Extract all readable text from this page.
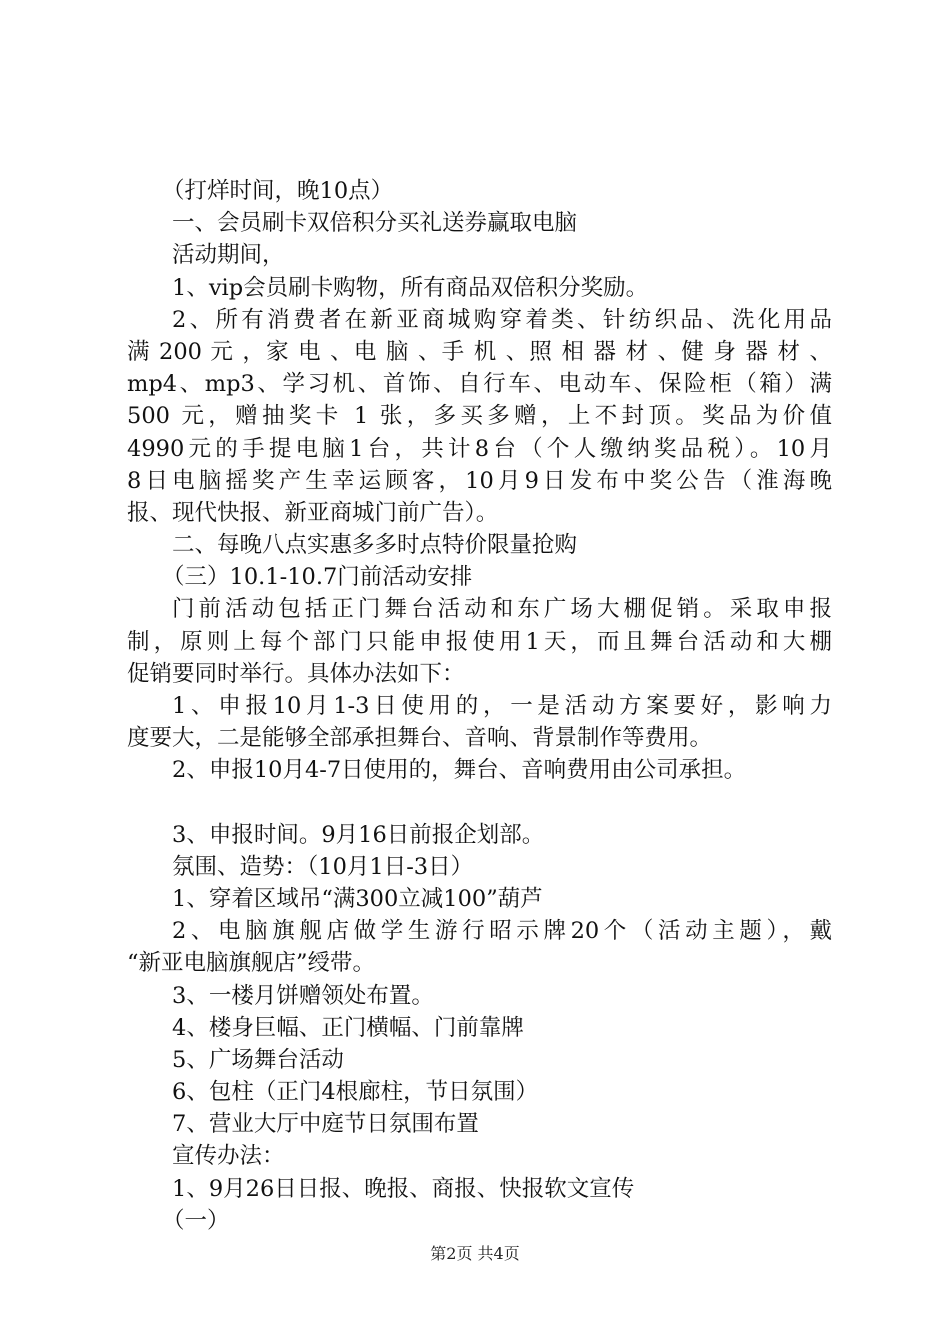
（打烊时间，晚10点）
一、会员刷卡双倍积分买礼送券赢取电脑
活动期间，
1、vip会员刷卡购物，所有商品双倍积分奖励。
2、所有消费者在新亚商城购穿着类、针纺织品、洗化用品
满 200 元 ，家 电 、电 脑 、手 机 、照 相 器 材 、健 身 器 材 、
mp4、mp3、学习机、首饰、自行车、电动车、保险柜（箱）满
500 元，赠抽奖卡 1 张，多买多赠，上不封顶。奖品为价值
4990元的手提电脑1台，共计8台（个人缴纳奖品税）。10月
8日电脑摇奖产生幸运顾客，10月9日发布中奖公告（淮海晚
报、现代快报、新亚商城门前广告）。
二、每晚八点实惠多多时点特价限量抢购
（三）10.1-10.7门前活动安排
门前活动包括正门舞台活动和东广场大棚促销。采取申报
制，原则上每个部门只能申报使用1天，而且舞台活动和大棚
促销要同时举行。具体办法如下：
1、申报10月1-3日使用的，一是活动方案要好，影响力
度要大，二是能够全部承担舞台、音响、背景制作等费用。
2、申报10月4-7日使用的，舞台、音响费用由公司承担。
3、申报时间。9月16日前报企划部。
氛围、造势：（10月1日-3日）
1、穿着区域吊“满300立减100”葫芦
2、电脑旗舰店做学生游行昭示牌20个（活动主题），戴
“新亚电脑旗舰店”绶带。
3、一楼月饼赠领处布置。
4、楼身巨幅、正门横幅、门前靠牌
5、广场舞台活动
6、包柱（正门4根廊柱，节日氛围）
7、营业大厅中庭节日氛围布置
宣传办法：
1、9月26日日报、晚报、商报、快报软文宣传
（一）
第2页 共4页
